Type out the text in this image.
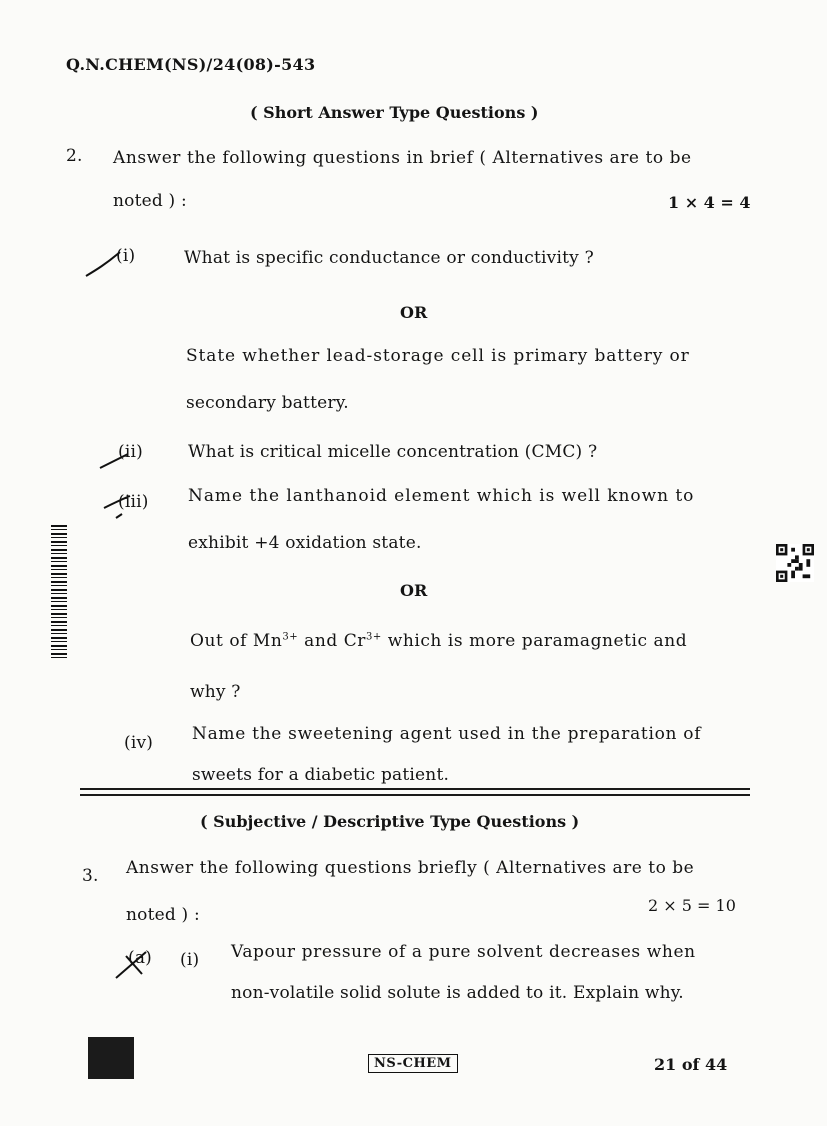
Q.N.CHEM(NS)/24(08)-543
( Short Answer Type Questions )
2. Answer the following questions in brief ( Alternatives are to be
noted ) :	1 × 4 = 4
(i)	What is specific conductance or conductivity ?
OR
State whether lead-storage cell is primary battery or
secondary battery.
(ii)	What is critical micelle concentration (CMC) ?
(iii) Name the lanthanoid element which is well known to
exhibit +4 oxidation state.
OR
Out of $Mn^{3+}$ and $Cr^{3+}$ which is more paramagnetic and
why ?
(iv) Name the sweetening agent used in the preparation of
sweets for a diabetic patient.
( Subjective / Descriptive Type Questions )
3. Answer the following questions briefly ( Alternatives are to be
noted ) :	2 × 5 = 10
(a) (i) Vapour pressure of a pure solvent decreases when
non-volatile solid solute is added to it. Explain why.
NS-CHEM	21 of 44
